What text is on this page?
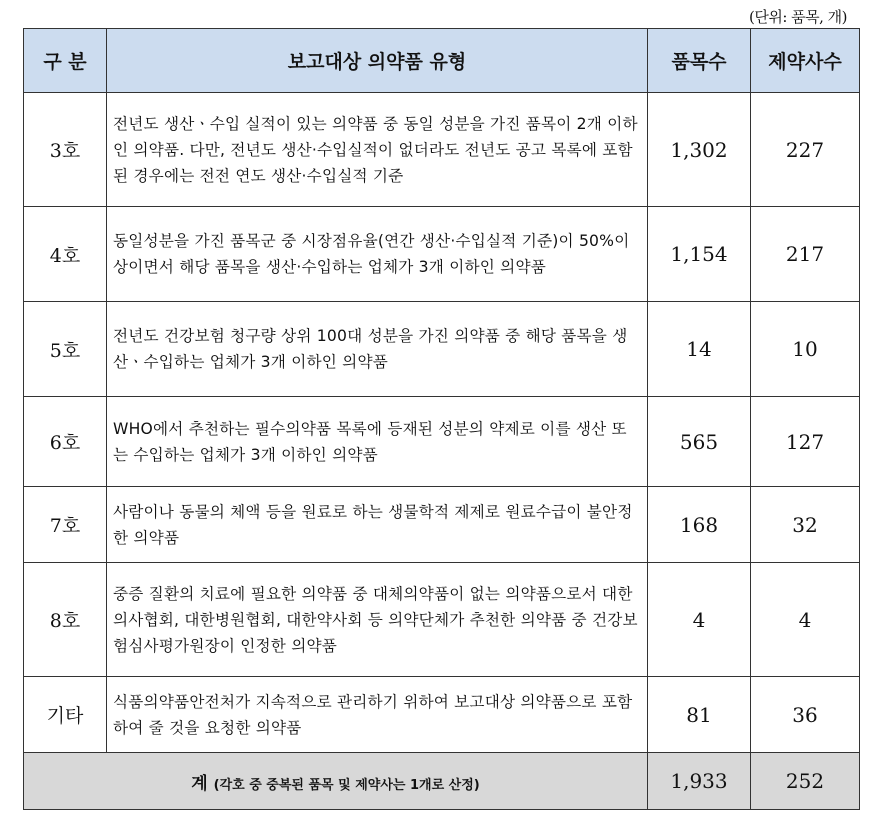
(단위: 품목, 개)
구 분	보고대상 의약품 유형	품목수	제약사수
3호	전년도 생산ㆍ수입 실적이 있는 의약품 중 동일 성분을 가진 품목이 2개 이하인 의약품. 다만, 전년도 생산·수입실적이 없더라도 전년도 공고 목록에 포함된 경우에는 전전 연도 생산·수입실적 기준	1,302	227
4호	동일성분을 가진 품목군 중 시장점유율(연간 생산·수입실적 기준)이 50%이상이면서 해당 품목을 생산·수입하는 업체가 3개 이하인 의약품	1,154	217
5호	전년도 건강보험 청구량 상위 100대 성분을 가진 의약품 중 해당 품목을 생산ㆍ수입하는 업체가 3개 이하인 의약품	14	10
6호	WHO에서 추천하는 필수의약품 목록에 등재된 성분의 약제로 이를 생산 또는 수입하는 업체가 3개 이하인 의약품	565	127
7호	사람이나 동물의 체액 등을 원료로 하는 생물학적 제제로 원료수급이 불안정한 의약품	168	32
8호	중증 질환의 치료에 필요한 의약품 중 대체의약품이 없는 의약품으로서 대한의사협회, 대한병원협회, 대한약사회 등 의약단체가 추천한 의약품 중 건강보험심사평가원장이 인정한 의약품	4	4
기타	식품의약품안전처가 지속적으로 관리하기 위하여 보고대상 의약품으로 포함하여 줄 것을 요청한 의약품	81	36
계 (각호 중 중복된 품목 및 제약사는 1개로 산정)		1,933	252
